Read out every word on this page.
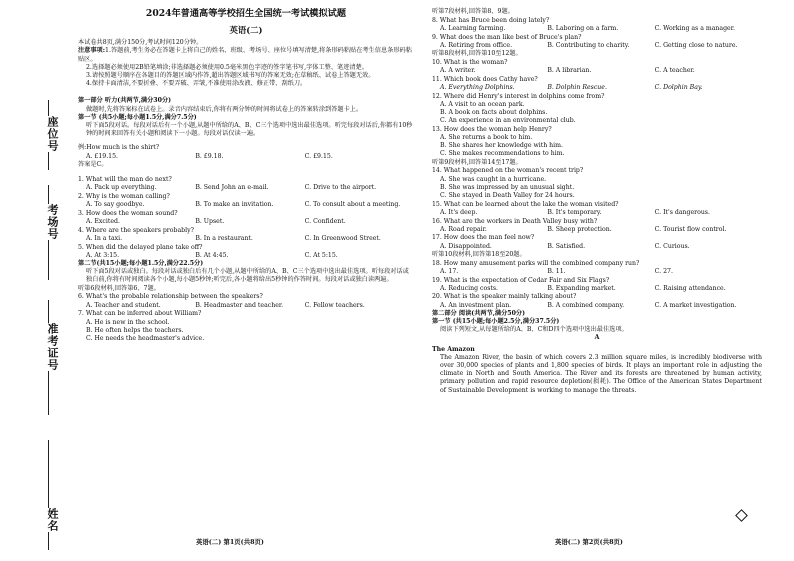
座位号
考场号
准考证号
姓名
2024年普通高等学校招生全国统一考试模拟试题
英语(二)

本试卷共8页,满分150分,考试时间120分钟。

注意事项:1.答题前,考生务必在答题卡上将自己的姓名、班级、考场号、座位号填写清楚,将条形码粘贴在考生信息条形码粘贴区。

2.选择题必须使用2B铅笔填涂;非选择题必须使用0.5毫米黑色字迹的签字笔书写,字体工整、笔迹清楚。

3.请按照题号顺序在各题目的答题区域内作答,超出答题区域书写的答案无效;在草稿纸、试卷上答题无效。

4.保持卡面清洁,不要折叠、不要弄破、弄皱,不准使用涂改液、修正带、刮纸刀。

第一部分 听力(共两节,满分30分)

做题时,先将答案标在试卷上。录音内容结束后,你将有两分钟的时间将试卷上的答案转涂到答题卡上。

第一节 (共5小题;每小题1.5分,满分7.5分)

听下面5段对话。每段对话后有一个小题,从题中所给的A、B、C三个选项中选出最佳选项。听完每段对话后,你都有10秒钟的时间来回答有关小题和阅读下一小题。每段对话仅读一遍。

例:How much is the shirt?

A. £19.15.	B. £9.18.	C. £9.15.

答案是C。

1. What will the man do next?

A. Pack up everything.	B. Send John an e-mail.	C. Drive to the airport.

2. Why is the woman calling?

A. To say goodbye.	B. To make an invitation.	C. To consult about a meeting.

3. How does the woman sound?

A. Excited.	B. Upset.	C. Confident.

4. Where are the speakers probably?

A. In a taxi.	B. In a restaurant.	C. In Greenwood Street.

5. When did the delayed plane take off?

A. At 3:15.	B. At 4:45.	C. At 5:15.

第二节(共15小题;每小题1.5分,满分22.5分)

听下面5段对话或独白。每段对话或独白后有几个小题,从题中所给的A、B、C三个选项中选出最佳选项。听每段对话或独白前,你将有时间阅读各个小题,每小题5秒钟;听完后,各小题将给出5秒钟的作答时间。每段对话或独白读两遍。

听第6段材料,回答第6、7题。

6. What's the probable relationship between the speakers?

A. Teacher and student.	B. Headmaster and teacher.	C. Fellow teachers.

7. What can be inferred about William?

A. He is new in the school.

B. He often helps the teachers.

C. He needs the headmaster's advice.

英语(二) 第1页(共8页)

听第7段材料,回答第8、9题。

8. What has Bruce been doing lately?

A. Learning farming.	B. Laboring on a farm.	C. Working as a manager.

9. What does the man like best of Bruce's plan?

A. Retiring from office.	B. Contributing to charity.	C. Getting close to nature.

听第8段材料,回答第10至12题。

10. What is the woman?

A. A writer.	B. A librarian.	C. A teacher.

11. Which book does Cathy have?

A. Everything Dolphins.	B. Dolphin Rescue.	C. Dolphin Bay.

12. Where did Henry's interest in dolphins come from?

A. A visit to an ocean park.

B. A book on facts about dolphins.

C. An experience in an environmental club.

13. How does the woman help Henry?

A. She returns a book to him.

B. She shares her knowledge with him.

C. She makes recommendations to him.

听第9段材料,回答第14至17题。

14. What happened on the woman's recent trip?

A. She was caught in a hurricane.

B. She was impressed by an unusual sight.

C. She stayed in Death Valley for 24 hours.

15. What can be learned about the lake the woman visited?

A. It's deep.	B. It's temporary.	C. It's dangerous.

16. What are the workers in Death Valley busy with?

A. Road repair.	B. Sheep protection.	C. Tourist flow control.

17. How does the man feel now?

A. Disappointed.	B. Satisfied.	C. Curious.

听第10段材料,回答第18至20题。

18. How many amusement parks will the combined company run?

A. 17.	B. 11.	C. 27.

19. What is the expectation of Cedar Fair and Six Flags?

A. Reducing costs.	B. Expanding market.	C. Raising attendance.

20. What is the speaker mainly talking about?

A. An investment plan.	B. A combined company.	C. A market investigation.

第二部分 阅读(共两节,满分50分)

第一节 (共15小题;每小题2.5分,满分37.5分)

阅读下列短文,从每题所给的A、B、C和D四个选项中选出最佳选项。

A

The Amazon

The Amazon River, the basin of which covers 2.3 million square miles, is incredibly biodiverse with over 30,000 species of plants and 1,800 species of birds. It plays an important role in adjusting the climate in North and South America. The River and its forests are threatened by human activity, primary pollution and rapid resource depletion(损耗). The Office of the American States Department of Sustainable Development is working to manage the threats.

英语(二) 第2页(共8页)
